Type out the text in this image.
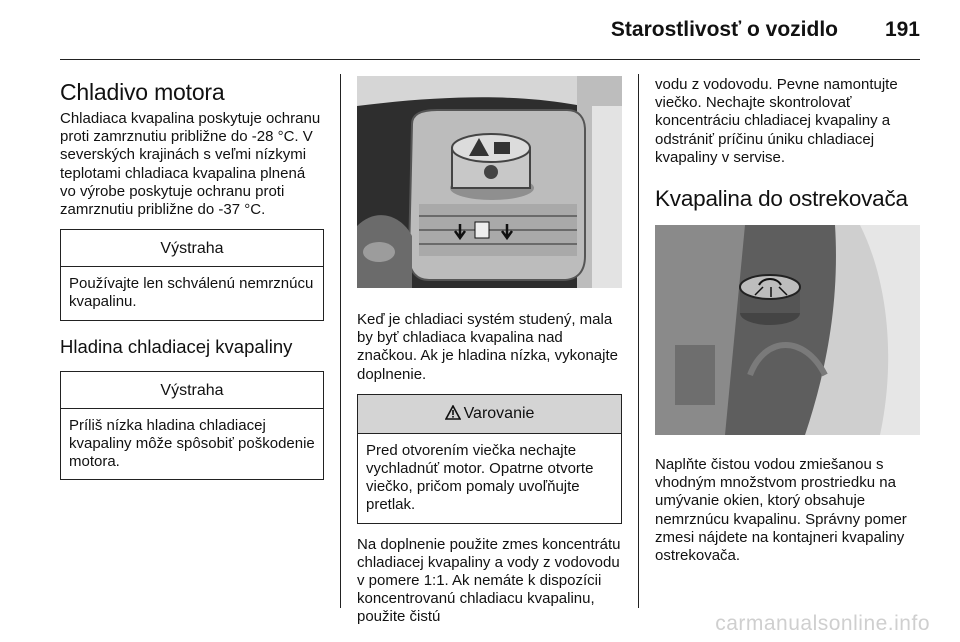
Starostlivosť o vozidlo 191
Chladivo motora

Chladiaca kvapalina poskytuje ochranu proti zamrznutiu približne do -28 °C. V severských krajinách s veľmi nízkymi teplotami chladiaca kvapalina plnená vo výrobe poskytuje ochranu proti zamrznutiu približne do -37 °C.

Výstraha
Používajte len schválenú nemrznúcu kvapalinu.
Hladina chladiacej kvapaliny
Výstraha
Príliš nízka hladina chladiacej kvapaliny môže spôsobiť poškodenie motora.

Keď je chladiaci systém studený, mala by byť chladiaca kvapalina nad značkou. Ak je hladina nízka, vykonajte doplnenie.

Varovanie
Pred otvorením viečka nechajte vychladnúť motor. Opatrne otvorte viečko, pričom pomaly uvoľňujte pretlak.

Na doplnenie použite zmes koncentrátu chladiacej kvapaliny a vody z vodovodu v pomere 1:1. Ak nemáte k dispozícii koncentrovanú chladiacu kvapalinu, použite čistú

vodu z vodovodu. Pevne namontujte viečko. Nechajte skontrolovať koncentráciu chladiacej kvapaliny a odstrániť príčinu úniku chladiacej kvapaliny v servise.

Kvapalina do ostrekovača

Naplňte čistou vodou zmiešanou s vhodným množstvom prostriedku na umývanie okien, ktorý obsahuje nemrznúcu kvapalinu. Správny pomer zmesi nájdete na kontajneri kvapaliny ostrekovača.

carmanualsonline.info
